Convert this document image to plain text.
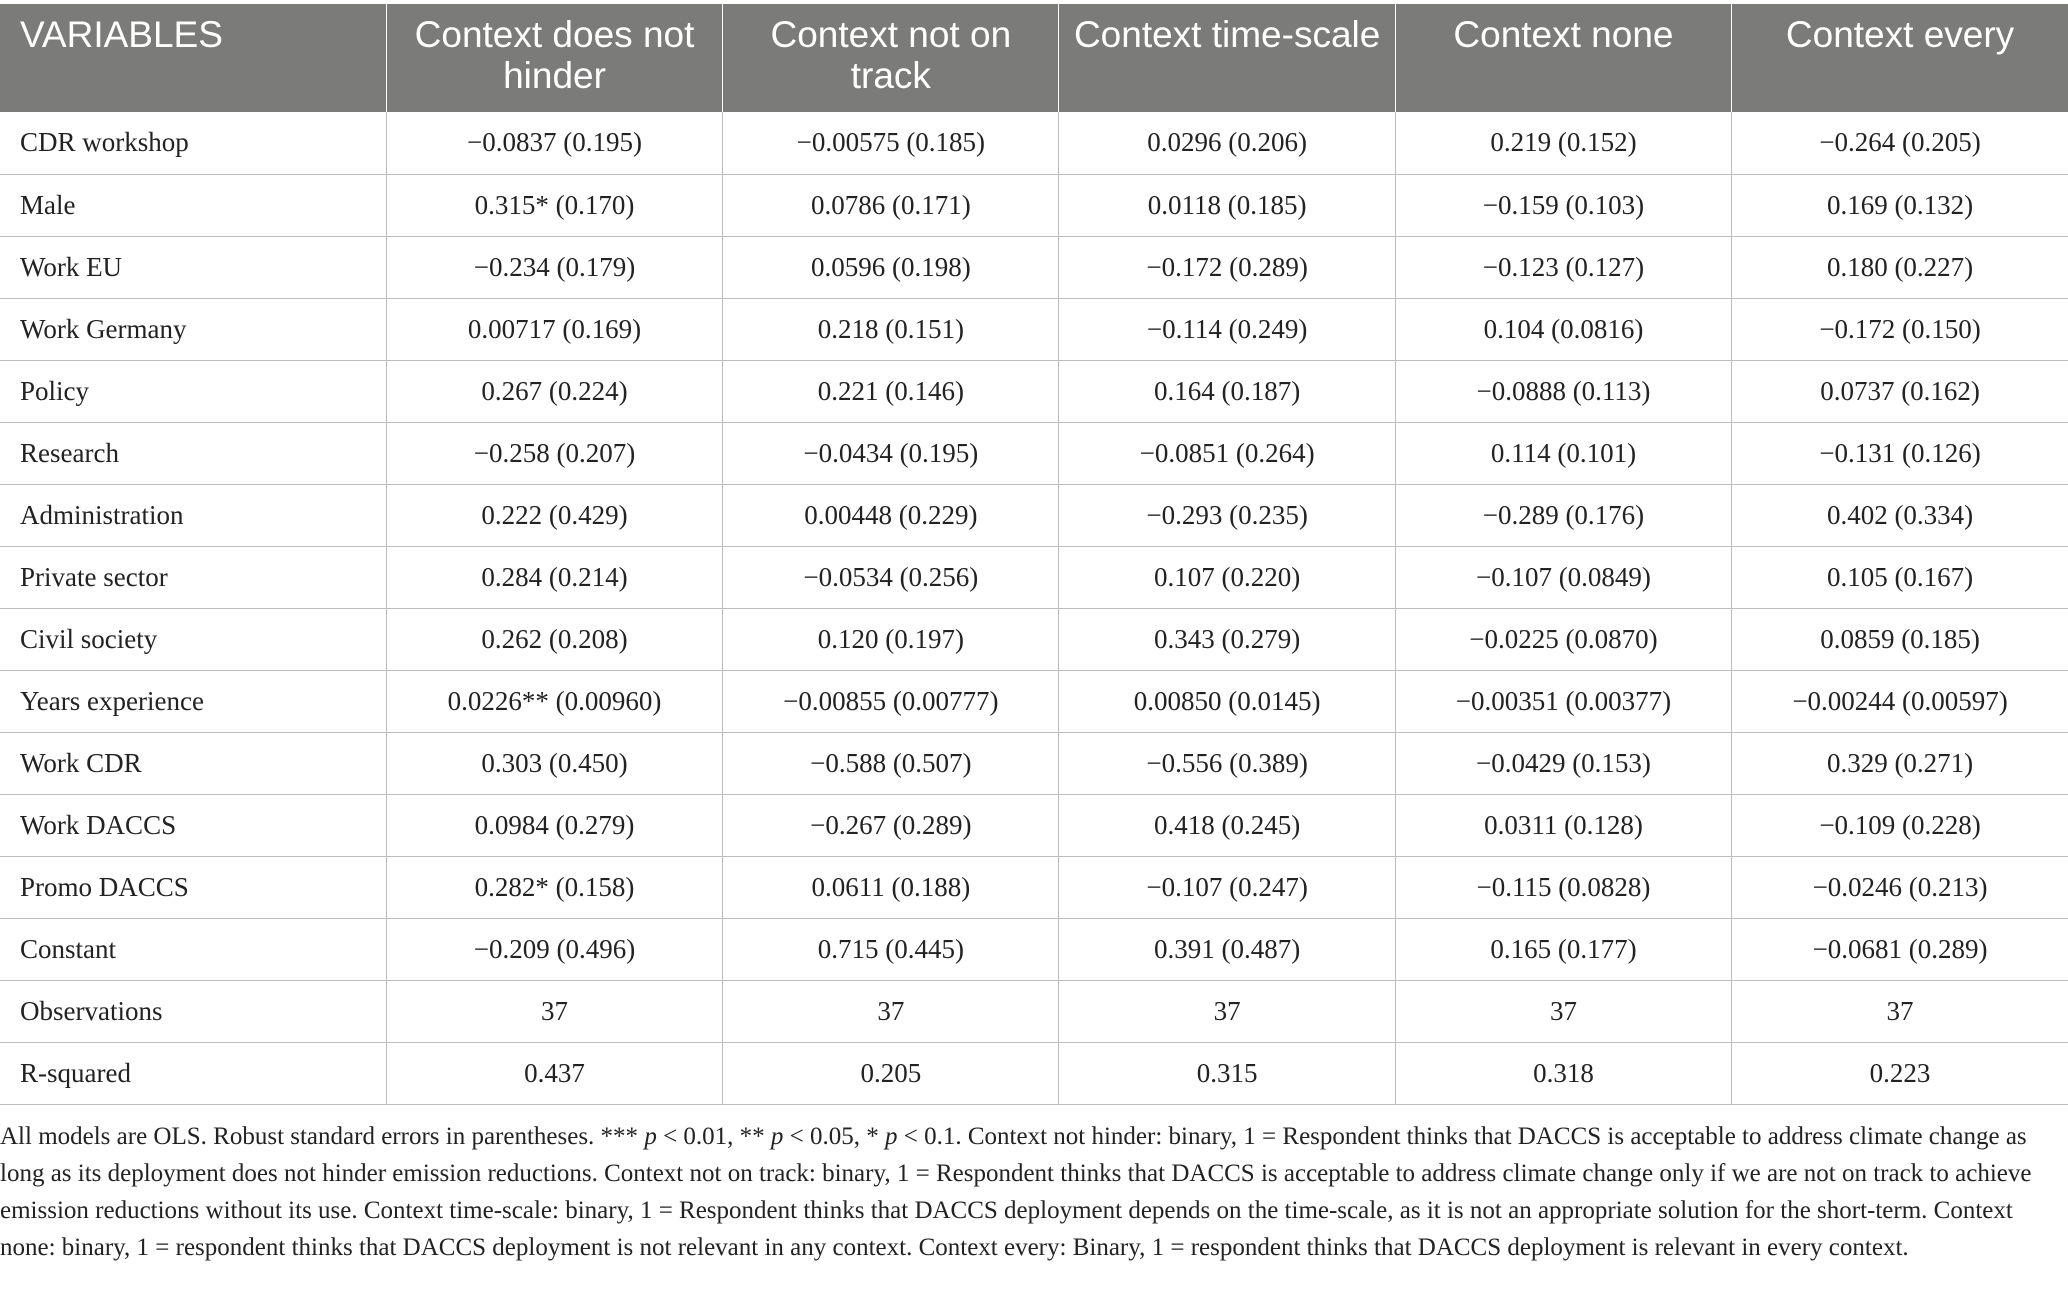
VARIABLES	Context does not hinder	Context not on track	Context time-scale	Context none	Context every
CDR workshop	−0.0837 (0.195)	−0.00575 (0.185)	0.0296 (0.206)	0.219 (0.152)	−0.264 (0.205)
Male	0.315* (0.170)	0.0786 (0.171)	0.0118 (0.185)	−0.159 (0.103)	0.169 (0.132)
Work EU	−0.234 (0.179)	0.0596 (0.198)	−0.172 (0.289)	−0.123 (0.127)	0.180 (0.227)
Work Germany	0.00717 (0.169)	0.218 (0.151)	−0.114 (0.249)	0.104 (0.0816)	−0.172 (0.150)
Policy	0.267 (0.224)	0.221 (0.146)	0.164 (0.187)	−0.0888 (0.113)	0.0737 (0.162)
Research	−0.258 (0.207)	−0.0434 (0.195)	−0.0851 (0.264)	0.114 (0.101)	−0.131 (0.126)
Administration	0.222 (0.429)	0.00448 (0.229)	−0.293 (0.235)	−0.289 (0.176)	0.402 (0.334)
Private sector	0.284 (0.214)	−0.0534 (0.256)	0.107 (0.220)	−0.107 (0.0849)	0.105 (0.167)
Civil society	0.262 (0.208)	0.120 (0.197)	0.343 (0.279)	−0.0225 (0.0870)	0.0859 (0.185)
Years experience	0.0226** (0.00960)	−0.00855 (0.00777)	0.00850 (0.0145)	−0.00351 (0.00377)	−0.00244 (0.00597)
Work CDR	0.303 (0.450)	−0.588 (0.507)	−0.556 (0.389)	−0.0429 (0.153)	0.329 (0.271)
Work DACCS	0.0984 (0.279)	−0.267 (0.289)	0.418 (0.245)	0.0311 (0.128)	−0.109 (0.228)
Promo DACCS	0.282* (0.158)	0.0611 (0.188)	−0.107 (0.247)	−0.115 (0.0828)	−0.0246 (0.213)
Constant	−0.209 (0.496)	0.715 (0.445)	0.391 (0.487)	0.165 (0.177)	−0.0681 (0.289)
Observations	37	37	37	37	37
R-squared	0.437	0.205	0.315	0.318	0.223
All models are OLS. Robust standard errors in parentheses. *** p < 0.01, ** p < 0.05, * p < 0.1. Context not hinder: binary, 1 = Respondent thinks that DACCS is acceptable to address climate change as long as its deployment does not hinder emission reductions. Context not on track: binary, 1 = Respondent thinks that DACCS is acceptable to address climate change only if we are not on track to achieve emission reductions without its use. Context time-scale: binary, 1 = Respondent thinks that DACCS deployment depends on the time-scale, as it is not an appropriate solution for the short-term. Context none: binary, 1 = respondent thinks that DACCS deployment is not relevant in any context. Context every: Binary, 1 = respondent thinks that DACCS deployment is relevant in every context.
